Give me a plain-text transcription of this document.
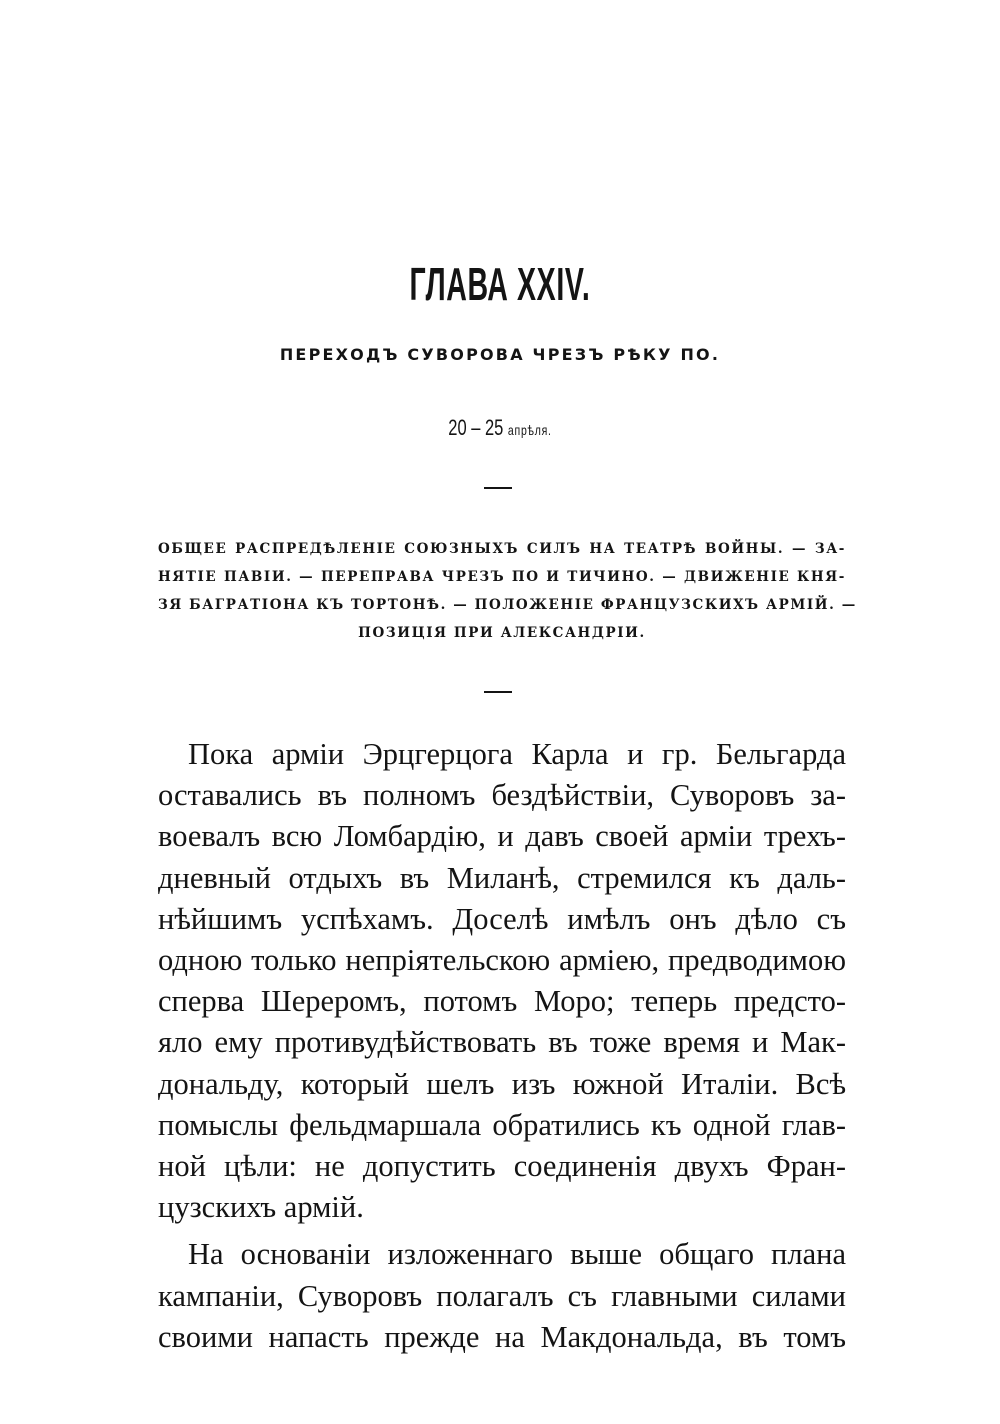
ГЛАВА XXIV.
ПЕРЕХОДЪ СУВОРОВА ЧРЕЗЪ РѢКУ ПО.
20 – 25 апрѣля.
ОБЩЕЕ РАСПРЕДѢЛЕНІЕ СОЮЗНЫХЪ СИЛЪ НА ТЕАТРѢ ВОЙНЫ. — ЗА-
НЯТІЕ ПАВІИ. — ПЕРЕПРАВА ЧРЕЗЪ ПО И ТИЧИНО. — ДВИЖЕНІЕ КНЯ-
ЗЯ БАГРАТІОНА КЪ ТОРТОНѢ. — ПОЛОЖЕНІЕ ФРАНЦУЗСКИХЪ АРМІЙ. —
ПОЗИЦІЯ ПРИ АЛЕКСАНДРІИ.
Пока арміи Эрцгерцога Карла и гр. Бельгарда
оставались въ полномъ бездѣйствіи, Суворовъ за-
воевалъ всю Ломбардію, и давъ своей арміи трехъ-
дневный отдыхъ въ Миланѣ, стремился къ даль-
нѣйшимъ успѣхамъ. Доселѣ имѣлъ онъ дѣло съ
одною только непріятельскою арміею, предводимою
сперва Шереромъ, потомъ Моро; теперь предсто-
яло ему противудѣйствовать въ тоже время и Мак-
дональду, который шелъ изъ южной Италіи. Всѣ
помыслы фельдмаршала обратились къ одной глав-
ной цѣли: не допустить соединенія двухъ Фран-
цузскихъ армій.
На основаніи изложеннаго выше общаго плана
кампаніи, Суворовъ полагалъ съ главными силами
своими напасть прежде на Макдональда, въ томъ
